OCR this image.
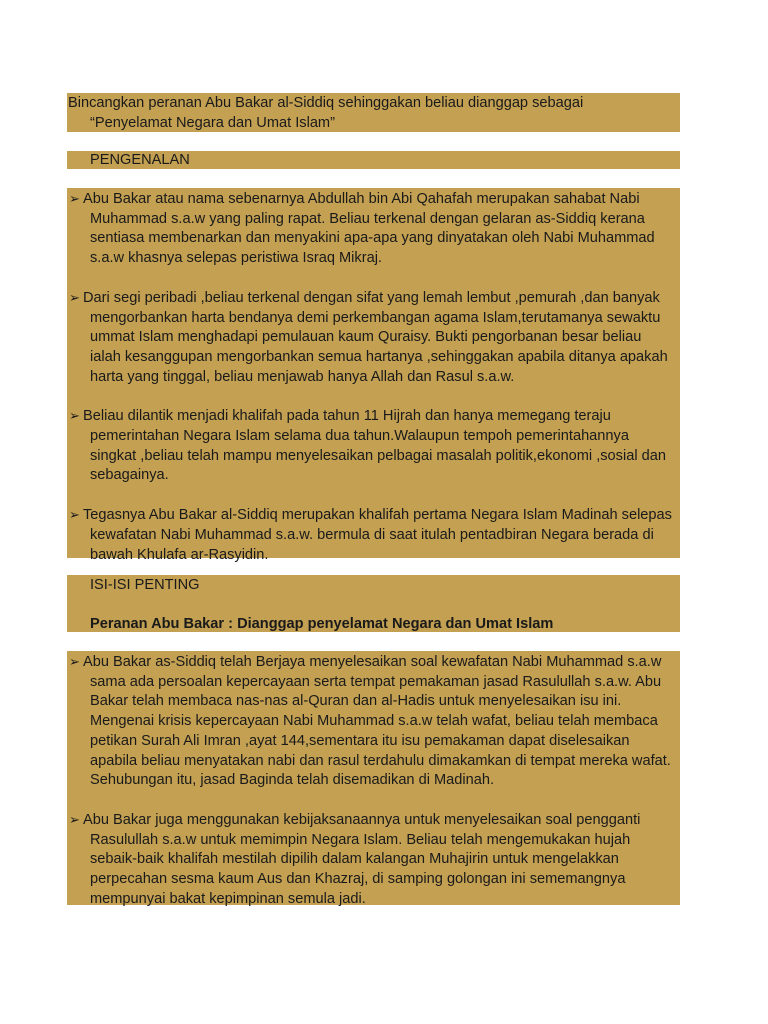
Bincangkan peranan Abu Bakar al-Siddiq sehinggakan beliau dianggap sebagai
“Penyelamat Negara dan Umat Islam”
PENGENALAN

➢ Abu Bakar atau nama sebenarnya Abdullah bin Abi Qahafah merupakan sahabat Nabi Muhammad s.a.w yang paling rapat. Beliau terkenal dengan gelaran as-Siddiq kerana sentiasa membenarkan dan menyakini apa-apa yang dinyatakan oleh Nabi Muhammad s.a.w khasnya selepas peristiwa Israq Mikraj.

➢ Dari segi peribadi ,beliau terkenal dengan sifat yang lemah lembut ,pemurah ,dan banyak mengorbankan harta bendanya demi perkembangan agama Islam,terutamanya sewaktu ummat Islam menghadapi pemulauan kaum Quraisy. Bukti pengorbanan besar beliau ialah kesanggupan mengorbankan semua hartanya ,sehinggakan apabila ditanya apakah harta yang tinggal, beliau menjawab hanya Allah dan Rasul s.a.w.

➢ Beliau dilantik menjadi khalifah pada tahun 11 Hijrah dan hanya memegang teraju pemerintahan Negara Islam selama dua tahun.Walaupun tempoh pemerintahannya singkat ,beliau telah mampu menyelesaikan pelbagai masalah politik,ekonomi ,sosial dan sebagainya.

➢ Tegasnya Abu Bakar al-Siddiq merupakan khalifah pertama Negara Islam Madinah selepas kewafatan Nabi Muhammad s.a.w. bermula di saat itulah pentadbiran Negara berada di bawah Khulafa ar-Rasyidin.

ISI-ISI PENTING
Peranan Abu Bakar : Dianggap penyelamat Negara dan Umat Islam

➢ Abu Bakar as-Siddiq telah Berjaya menyelesaikan soal kewafatan Nabi Muhammad s.a.w sama ada persoalan kepercayaan serta tempat pemakaman jasad Rasulullah s.a.w. Abu Bakar telah membaca nas-nas al-Quran dan al-Hadis untuk menyelesaikan isu ini. Mengenai krisis kepercayaan Nabi Muhammad s.a.w telah wafat, beliau telah membaca petikan Surah Ali Imran ,ayat 144,sementara itu isu pemakaman dapat diselesaikan apabila beliau menyatakan nabi dan rasul terdahulu dimakamkan di tempat mereka wafat. Sehubungan itu, jasad Baginda telah disemadikan di Madinah.

➢ Abu Bakar juga menggunakan kebijaksanaannya untuk menyelesaikan soal pengganti Rasulullah s.a.w untuk memimpin Negara Islam. Beliau telah mengemukakan hujah sebaik-baik khalifah mestilah dipilih dalam kalangan Muhajirin untuk mengelakkan perpecahan sesma kaum Aus dan Khazraj, di samping golongan ini sememangnya mempunyai bakat kepimpinan semula jadi.
